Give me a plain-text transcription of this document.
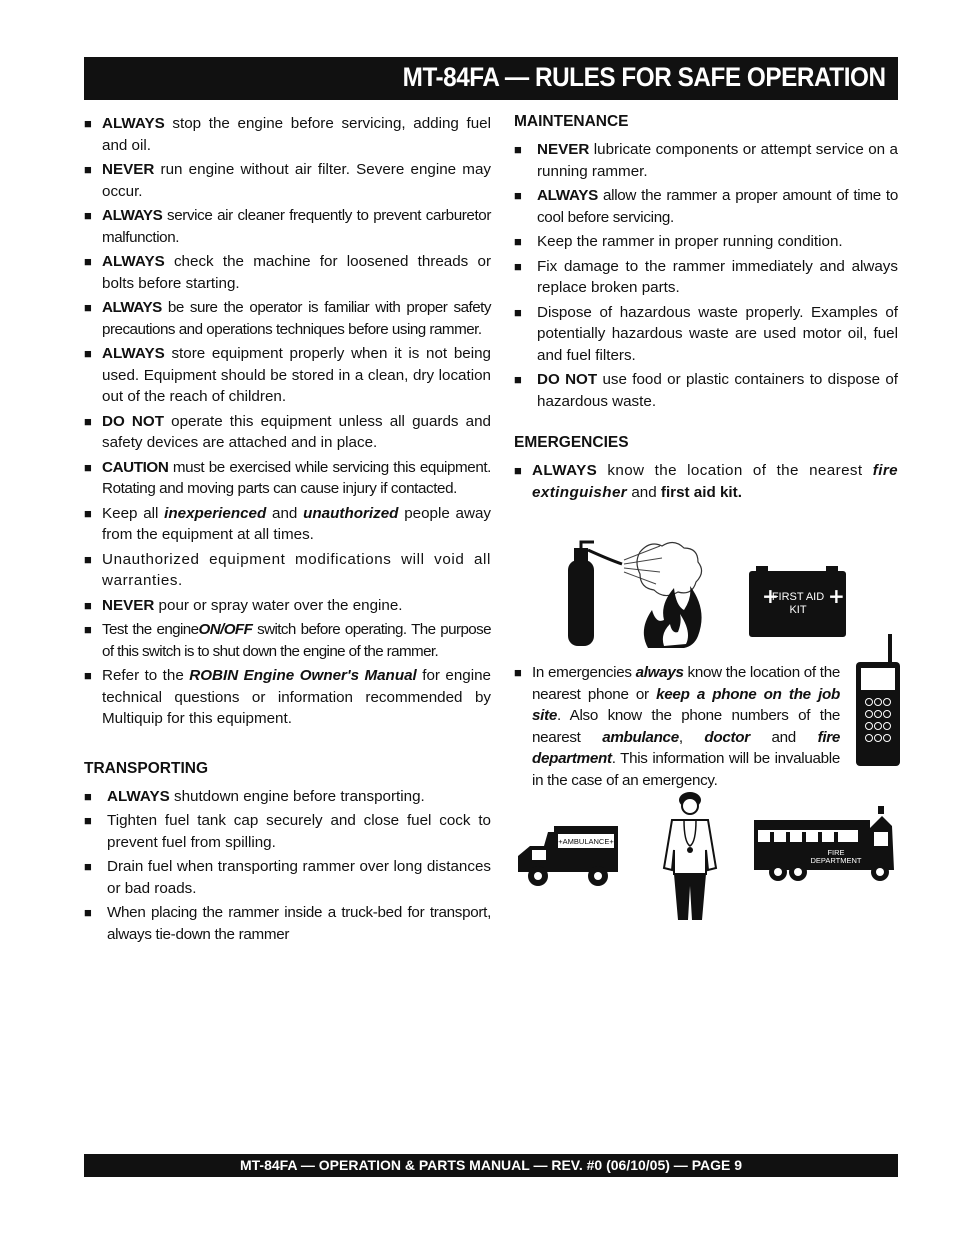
MT-84FA — RULES FOR SAFE OPERATION
■ ALWAYS stop the engine before servicing, adding fuel and oil.
■ NEVER run engine without air filter. Severe engine may occur.
■ ALWAYS service air cleaner frequently to prevent carburetor malfunction.
■ ALWAYS check the machine for loosened threads or bolts before starting.
■ ALWAYS be sure the operator is familiar with proper safety precautions and operations techniques before using rammer.
■ ALWAYS store equipment properly when it is not being used. Equipment should be stored in a clean, dry location out of the reach of children.
■ DO NOT operate this equipment unless all guards and safety devices are attached and in place.
■ CAUTION must be exercised while servicing this equipment. Rotating and moving parts can cause injury if contacted.
■ Keep all inexperienced and unauthorized people away from the equipment at all times.
■ Unauthorized equipment modifications will void all warranties.
■ NEVER pour or spray water over the engine.
■ Test the engineON/OFF switch before operating. The purpose of this switch is to shut down the engine of the rammer.
■ Refer to the ROBIN Engine Owner's Manual for engine technical questions or information recommended by Multiquip for this equipment.
TRANSPORTING
■ ALWAYS shutdown engine before transporting.
■ Tighten fuel tank cap securely and close fuel cock to prevent fuel from spilling.
■ Drain fuel when transporting rammer over long distances or bad roads.
■	When placing the rammer inside a truck-bed for transport, always tie-down the rammer
MAINTENANCE
■ NEVER lubricate components or attempt service on a running rammer.
■	ALWAYS allow the rammer a proper amount of time to cool before servicing.
■ Keep the rammer in proper running condition.
■ Fix damage to the rammer immediately and always replace broken parts.
■ Dispose of hazardous waste properly. Examples of potentially hazardous waste are used motor oil, fuel and fuel filters.
■ DO NOT use food or plastic containers to dispose of hazardous waste.
EMERGENCIES
■ ALWAYS know the location of the nearest fire extinguisher and first aid kit.
+ +
FIRST AID
KIT
■ In emergencies always know the location of the nearest phone or keep a phone on the job site. Also know the phone numbers of the nearest ambulance, doctor and fire department. This information will be invaluable in the case of an emergency.
+AMBULANCE+
FIRE
DEPARTMENT
MT-84FA — OPERATION & PARTS MANUAL — REV. #0 (06/10/05) — PAGE 9
